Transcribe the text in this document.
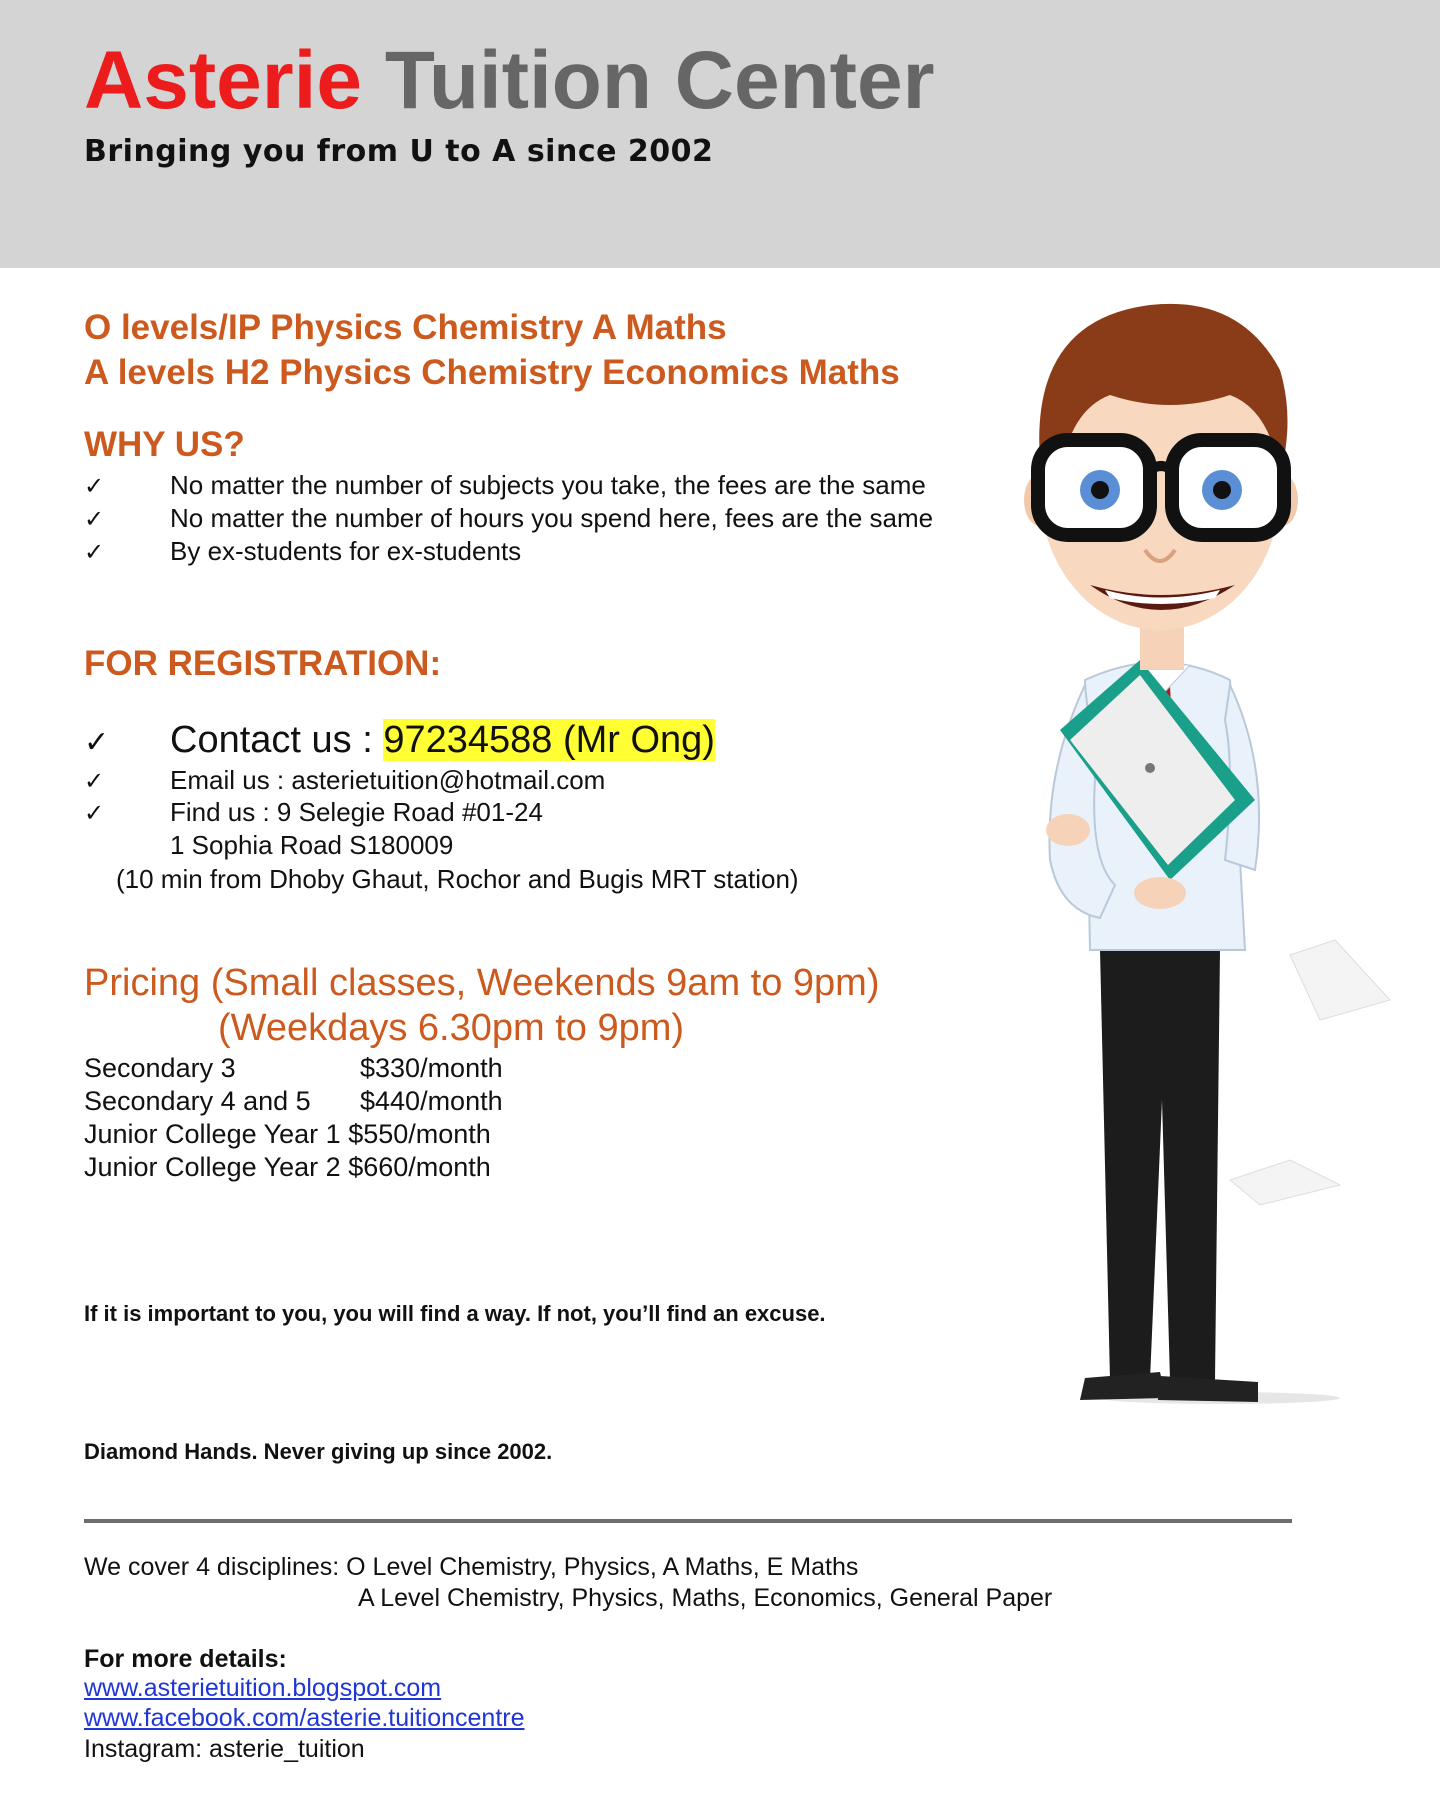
Asterie Tuition Center
Bringing you from U to A since 2002
O levels/IP Physics Chemistry A Maths
A levels H2 Physics Chemistry Economics Maths
WHY US?
✓	No matter the number of subjects you take, the fees are the same
✓	No matter the number of hours you spend here, fees are the same
✓	By ex-students for ex-students
FOR REGISTRATION:
✓ Contact us : 97234588 (Mr Ong)
✓	Email us : asterietuition@hotmail.com
✓	Find us : 9 Selegie Road #01-24
1 Sophia Road S180009
(10 min from Dhoby Ghaut, Rochor and Bugis MRT station)
Pricing (Small classes, Weekends 9am to 9pm)
(Weekdays 6.30pm to 9pm)
Secondary 3	$330/month
Secondary 4 and 5 $440/month
Junior College Year 1 $550/month
Junior College Year 2 $660/month
If it is important to you, you will find a way. If not, you’ll find an excuse.
Diamond Hands. Never giving up since 2002.
We cover 4 disciplines: O Level Chemistry, Physics, A Maths, E Maths
A Level Chemistry, Physics, Maths, Economics, General Paper
For more details:
www.asterietuition.blogspot.com
www.facebook.com/asterie.tuitioncentre
Instagram: asterie_tuition
